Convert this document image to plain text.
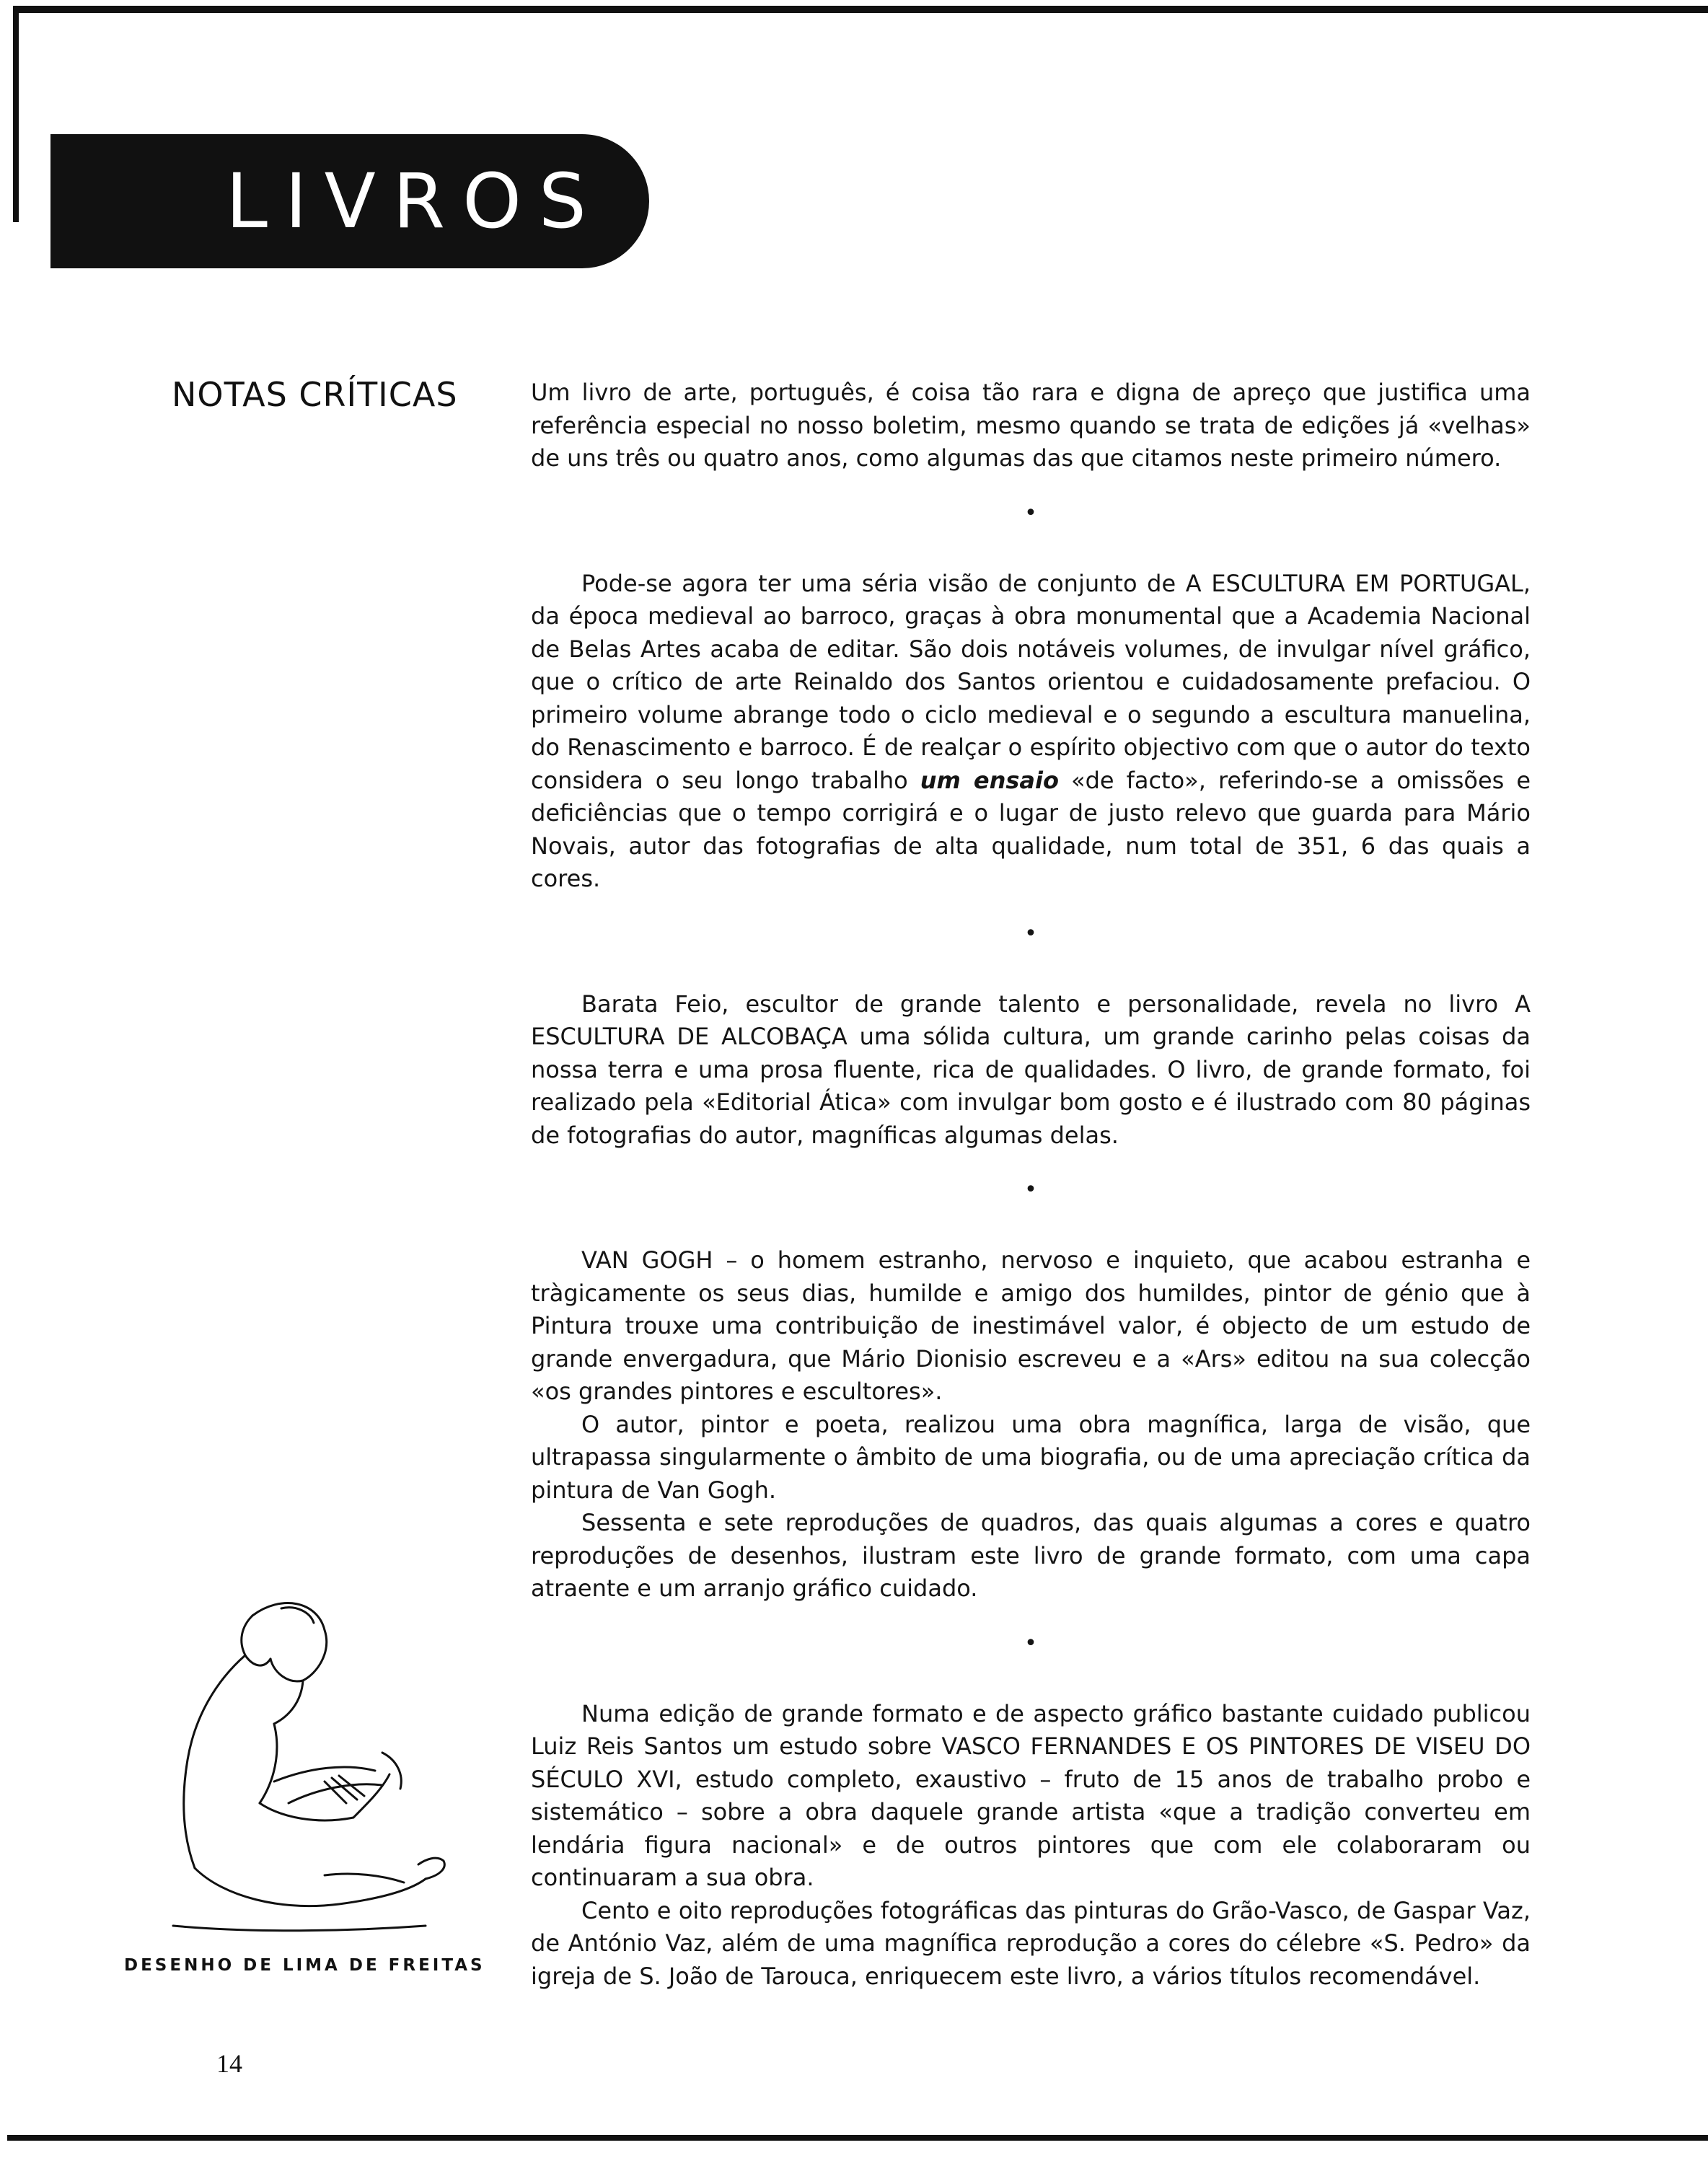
LIVROS
NOTAS CRÍTICAS	Um livro de arte, português, é coisa tão rara e digna de apreço que justifica uma referência especial no nosso boletim, mesmo quando se trata de edições já «velhas» de uns três ou quatro anos, como algumas das que citamos neste primeiro número.

•

Pode-se agora ter uma séria visão de conjunto de A ESCULTURA EM PORTUGAL, da época medieval ao barroco, graças à obra monumental que a Academia Nacional de Belas Artes acaba de editar. São dois notáveis volumes, de invulgar nível gráfico, que o crítico de arte Reinaldo dos Santos orientou e cuidadosamente prefaciou. O primeiro volume abrange todo o ciclo medieval e o segundo a escultura manuelina, do Renascimento e barroco. É de realçar o espírito objectivo com que o autor do texto considera o seu longo trabalho um ensaio «de facto», referindo-se a omissões e deficiências que o tempo corrigirá e o lugar de justo relevo que guarda para Mário Novais, autor das fotografias de alta qualidade, num total de 351, 6 das quais a cores.

•

Barata Feio, escultor de grande talento e personalidade, revela no livro A ESCULTURA DE ALCOBAÇA uma sólida cultura, um grande carinho pelas coisas da nossa terra e uma prosa fluente, rica de qualidades. O livro, de grande formato, foi realizado pela «Editorial Ática» com invulgar bom gosto e é ilustrado com 80 páginas de fotografias do autor, magníficas algumas delas.

•

VAN GOGH – o homem estranho, nervoso e inquieto, que acabou estranha e tràgicamente os seus dias, humilde e amigo dos humildes, pintor de génio que à Pintura trouxe uma contribuição de inestimável valor, é objecto de um estudo de grande envergadura, que Mário Dionisio escreveu e a «Ars» editou na sua colecção «os grandes pintores e escultores».

O autor, pintor e poeta, realizou uma obra magnífica, larga de visão, que ultrapassa singularmente o âmbito de uma biografia, ou de uma apreciação crítica da pintura de Van Gogh.

Sessenta e sete reproduções de quadros, das quais algumas a cores e quatro reproduções de desenhos, ilustram este livro de grande formato, com uma capa atraente e um arranjo gráfico cuidado.

•

Numa edição de grande formato e de aspecto gráfico bastante cuidado publicou Luiz Reis Santos um estudo sobre VASCO FERNANDES E OS PINTORES DE VISEU DO SÉCULO XVI, estudo completo, exaustivo – fruto de 15 anos de trabalho probo e sistemático – sobre a obra daquele grande artista «que a tradição converteu em lendária figura nacional» e de outros pintores que com ele colaboraram ou continuaram a sua obra.

Cento e oito reproduções fotográficas das pinturas do Grão-Vasco, de Gaspar Vaz, de António Vaz, além de uma magnífica reprodução a cores do célebre «S. Pedro» da igreja de S. João de Tarouca, enriquecem este livro, a vários títulos recomendável.

DESENHO DE LIMA DE FREITAS

14
